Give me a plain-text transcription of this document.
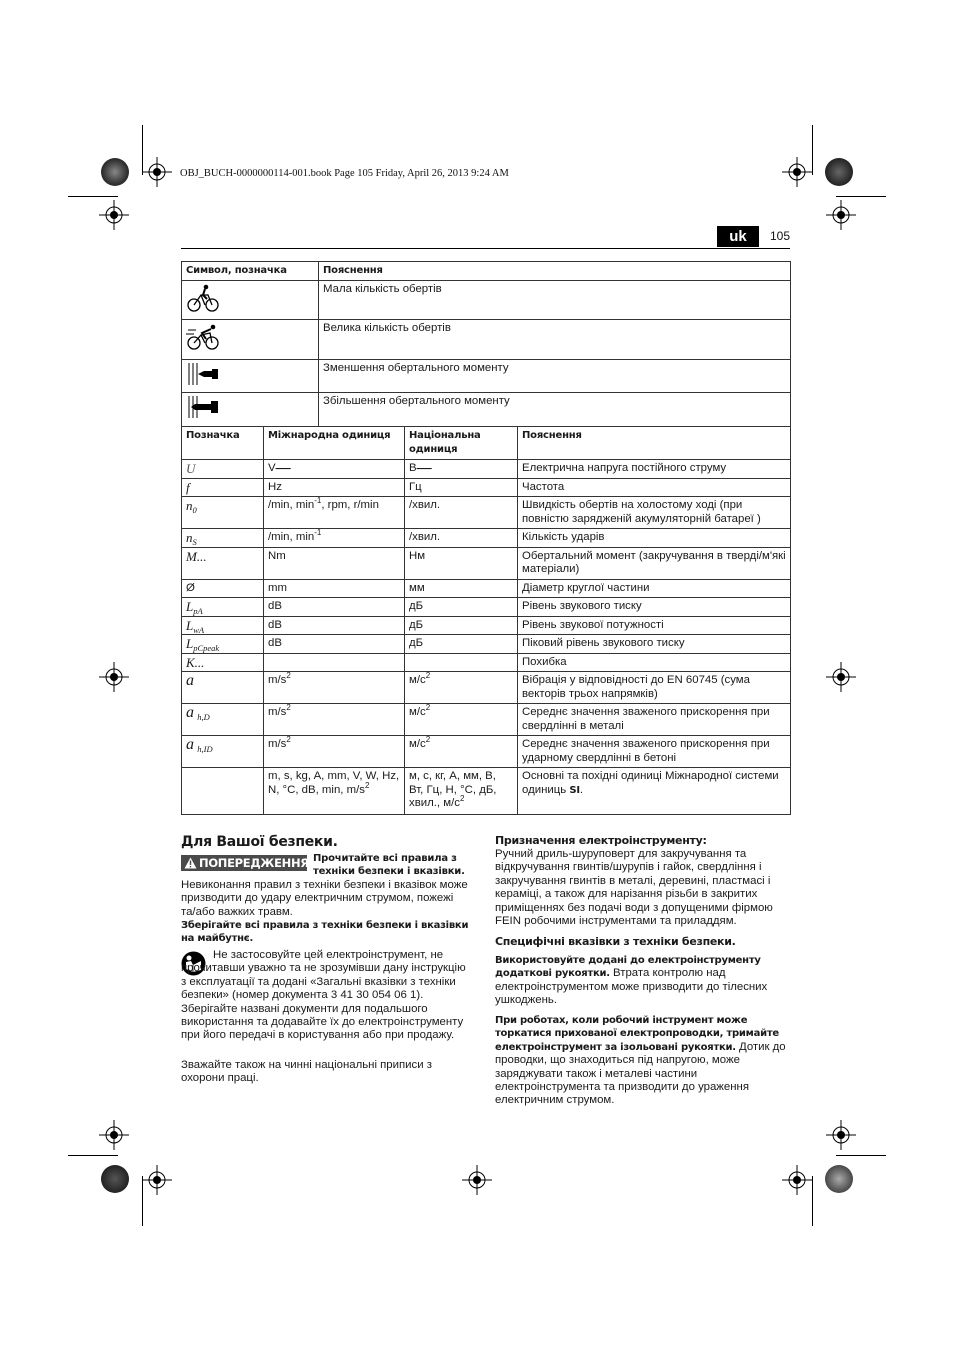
OBJ_BUCH-0000000114-001.book Page 105 Friday, April 26, 2013 9:24 AM
uk	105
Символ, позначка	Пояснення
	Мала кількість обертів
	Велика кількість обертів
	Зменшення обертального моменту
	Збільшення обертального моменту
Позначка	Міжнародна одиниця	Національна одиниця	Пояснення
U	V‒‒‒	B‒‒‒	Електрична напруга постійного струму
f	Hz	Гц	Частота
$n_0$	/min, $\min^{-1}$, rpm, r/min	/хвил.	Швидкість обертів на холостому ході (при повністю зарядженій акумуляторній батареї )
$n_S$	/min, $\min^{-1}$	/хвил.	Кількість ударів
M...	Nm	Нм	Обертальний момент (закручування в тверді/м'які матеріали)
Ø	mm	мм	Діаметр круглої частини
$L_{pA}$	dB	дБ	Рівень звукового тиску
$L_{wA}$	dB	дБ	Рівень звукової потужності
$L_{pCpeak}$	dB	дБ	Піковий рівень звукового тиску
K...			Похибка
a	$m/s^2$	$м/с^2$	Вібрація у відповідності до EN 60745 (сума векторів трьох напрямків)
a $_{h,D}$	$m/s^2$	$м/с^2$	Середнє значення зваженого прискорення при свердлінні в металі
a $_{h,ID}$	$m/s^2$	$м/с^2$	Середнє значення зваженого прискорення при ударному свердлінні в бетоні
	m, s, kg, A, mm, V, W, Hz, N, °C, dB, min, $m/s^2$	м, с, кг, А, мм, В, Вт, Гц, Н, °C, дБ, хвил., $м/с^2$	Основні та похідні одиниці Міжнародної системи одиниць SI.
Для Вашої безпеки.
ПОПЕРЕДЖЕННЯ Прочитайте всі правила з техніки безпеки і вказівки.
Невиконання правил з техніки безпеки і вказівок може призводити до удару електричним струмом, пожежі та/або важких травм.
Зберігайте всі правила з техніки безпеки і вказівки на майбутнє.
Не застосовуйте цей електроінструмент, не прочитавши уважно та не зрозумівши дану інструкцію з експлуатації та додані «Загальні вказівки з техніки безпеки» (номер документа 3 41 30 054 06 1). Зберігайте названі документи для подальшого використання та додавайте їх до електроінструменту при його передачі в користування або при продажу.
Зважайте також на чинні національні приписи з охорони праці.
Призначення електроінструменту:
Ручний дриль-шуруповерт для закручування та відкручування гвинтів/шурупів і гайок, свердління і закручування гвинтів в металі, деревині, пластмасі і кераміці, а також для нарізання різьби в закритих приміщеннях без подачі води з допущеними фірмою FEIN робочими інструментами та приладдям.
Специфічні вказівки з техніки безпеки.
Використовуйте додані до електроінструменту додаткові рукоятки. Втрата контролю над електроінструментом може призводити до тілесних ушкоджень.
При роботах, коли робочий інструмент може торкатися прихованої електропроводки, тримайте електроінструмент за ізольовані рукоятки. Дотик до проводки, що знаходиться під напругою, може заряджувати також і металеві частини електроінструмента та призводити до ураження електричним струмом.
